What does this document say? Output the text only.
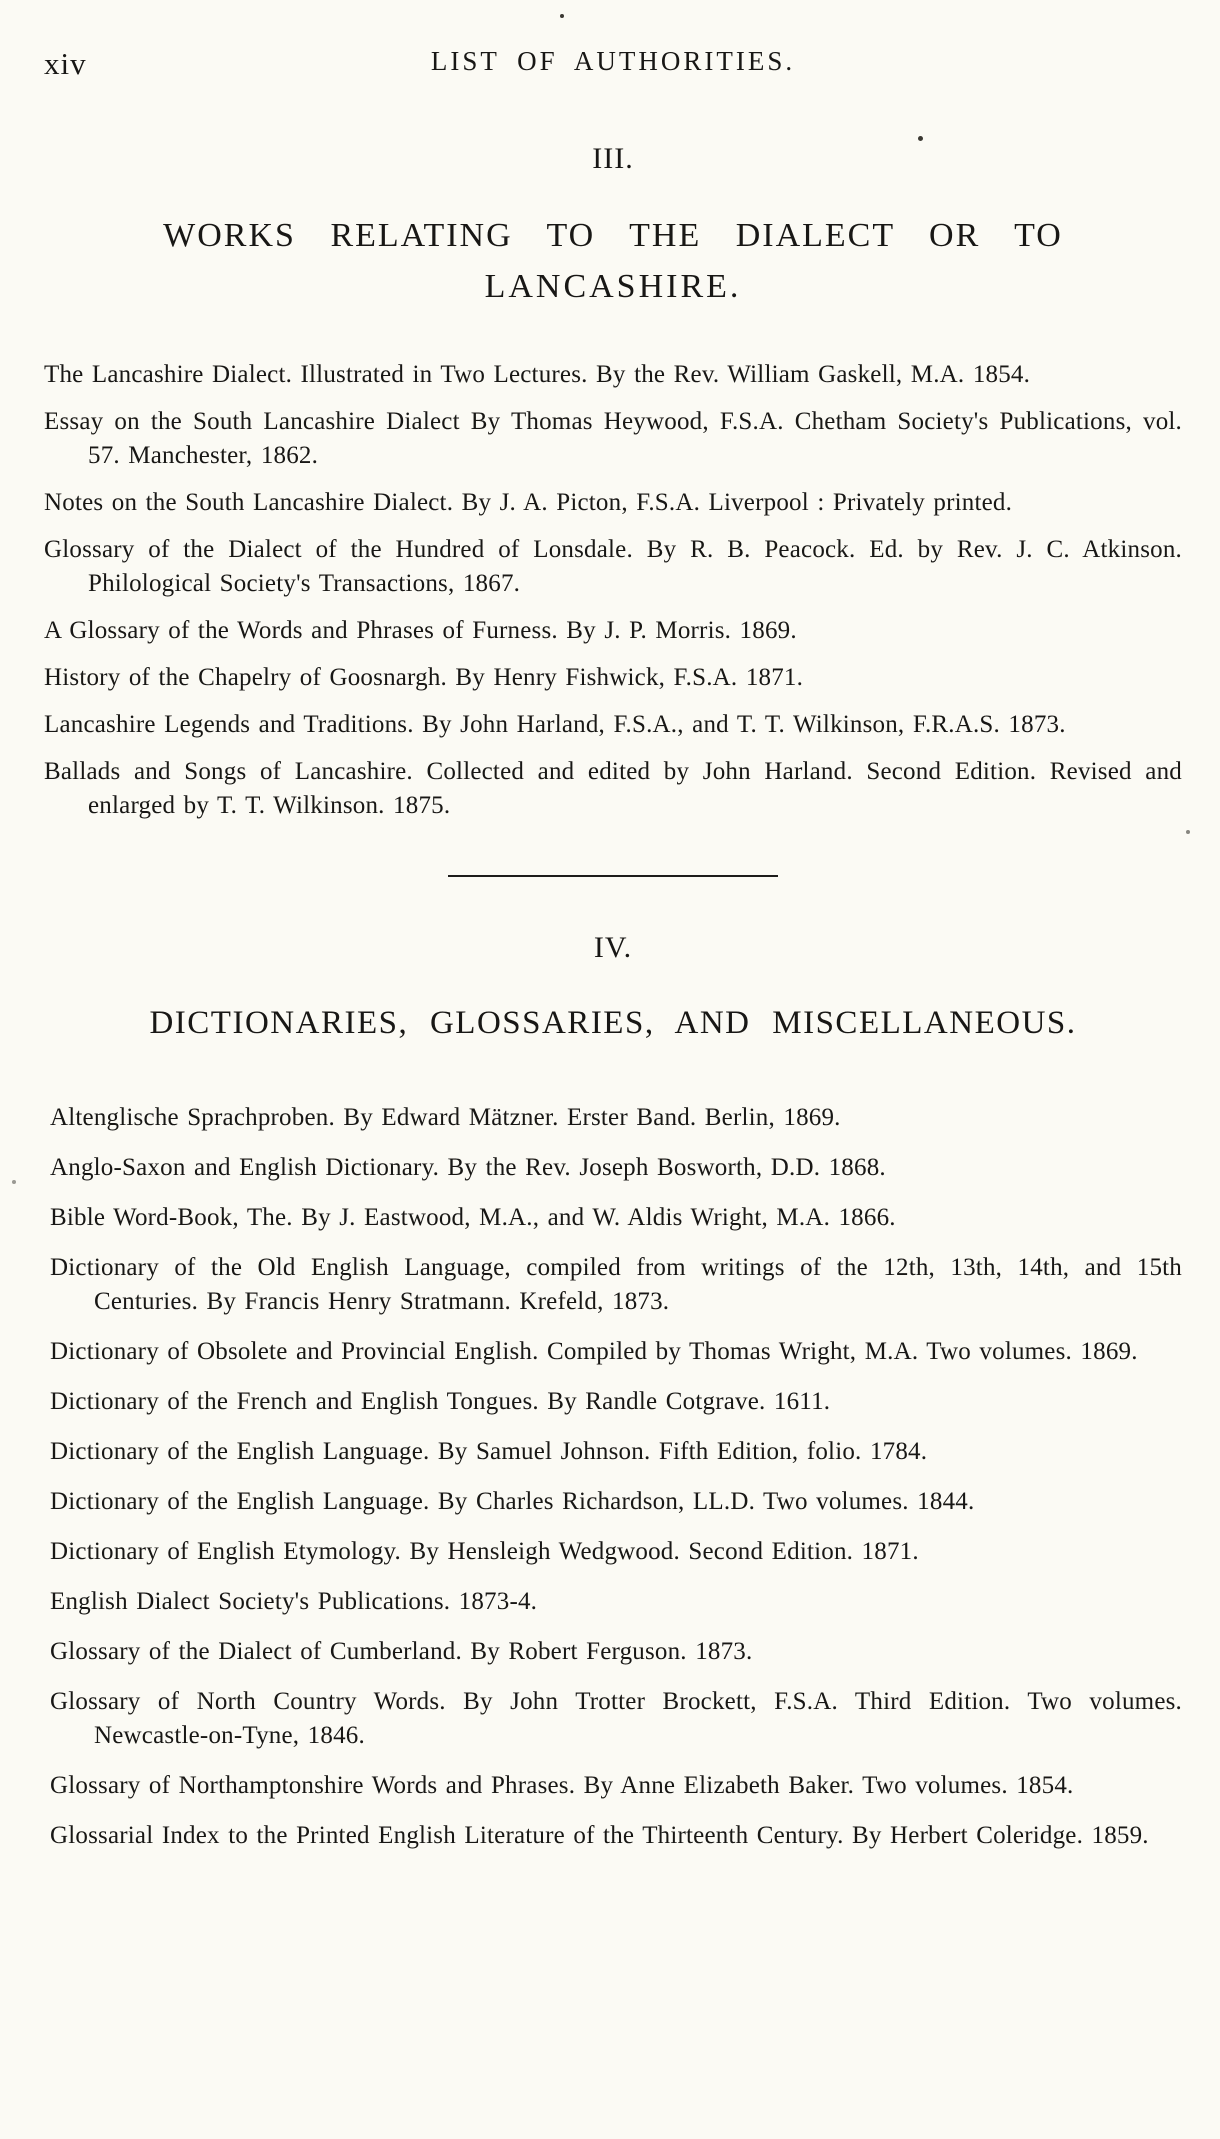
xiv	LIST OF AUTHORITIES.
III.
WORKS RELATING TO THE DIALECT OR TO
LANCASHIRE.

The Lancashire Dialect. Illustrated in Two Lectures. By the Rev. William Gaskell, M.A. 1854.

Essay on the South Lancashire Dialect By Thomas Heywood, F.S.A. Chetham Society's Publications, vol. 57. Manchester, 1862.

Notes on the South Lancashire Dialect. By J. A. Picton, F.S.A. Liverpool : Privately printed.

Glossary of the Dialect of the Hundred of Lonsdale. By R. B. Peacock. Ed. by Rev. J. C. Atkinson. Philological Society's Transactions, 1867.

A Glossary of the Words and Phrases of Furness. By J. P. Morris. 1869.

History of the Chapelry of Goosnargh. By Henry Fishwick, F.S.A. 1871.

Lancashire Legends and Traditions. By John Harland, F.S.A., and T. T. Wilkinson, F.R.A.S. 1873.

Ballads and Songs of Lancashire. Collected and edited by John Harland. Second Edition. Revised and enlarged by T. T. Wilkinson. 1875.

IV.
DICTIONARIES, GLOSSARIES, AND MISCELLANEOUS.

Altenglische Sprachproben. By Edward Mätzner. Erster Band. Berlin, 1869.

Anglo-Saxon and English Dictionary. By the Rev. Joseph Bosworth, D.D. 1868.

Bible Word-Book, The. By J. Eastwood, M.A., and W. Aldis Wright, M.A. 1866.

Dictionary of the Old English Language, compiled from writings of the 12th, 13th, 14th, and 15th Centuries. By Francis Henry Stratmann. Krefeld, 1873.

Dictionary of Obsolete and Provincial English. Compiled by Thomas Wright, M.A. Two volumes. 1869.

Dictionary of the French and English Tongues. By Randle Cotgrave. 1611.

Dictionary of the English Language. By Samuel Johnson. Fifth Edition, folio. 1784.

Dictionary of the English Language. By Charles Richardson, LL.D. Two volumes. 1844.

Dictionary of English Etymology. By Hensleigh Wedgwood. Second Edition. 1871.

English Dialect Society's Publications. 1873-4.

Glossary of the Dialect of Cumberland. By Robert Ferguson. 1873.

Glossary of North Country Words. By John Trotter Brockett, F.S.A. Third Edition. Two volumes. Newcastle-on-Tyne, 1846.

Glossary of Northamptonshire Words and Phrases. By Anne Elizabeth Baker. Two volumes. 1854.

Glossarial Index to the Printed English Literature of the Thirteenth Century. By Herbert Coleridge. 1859.
